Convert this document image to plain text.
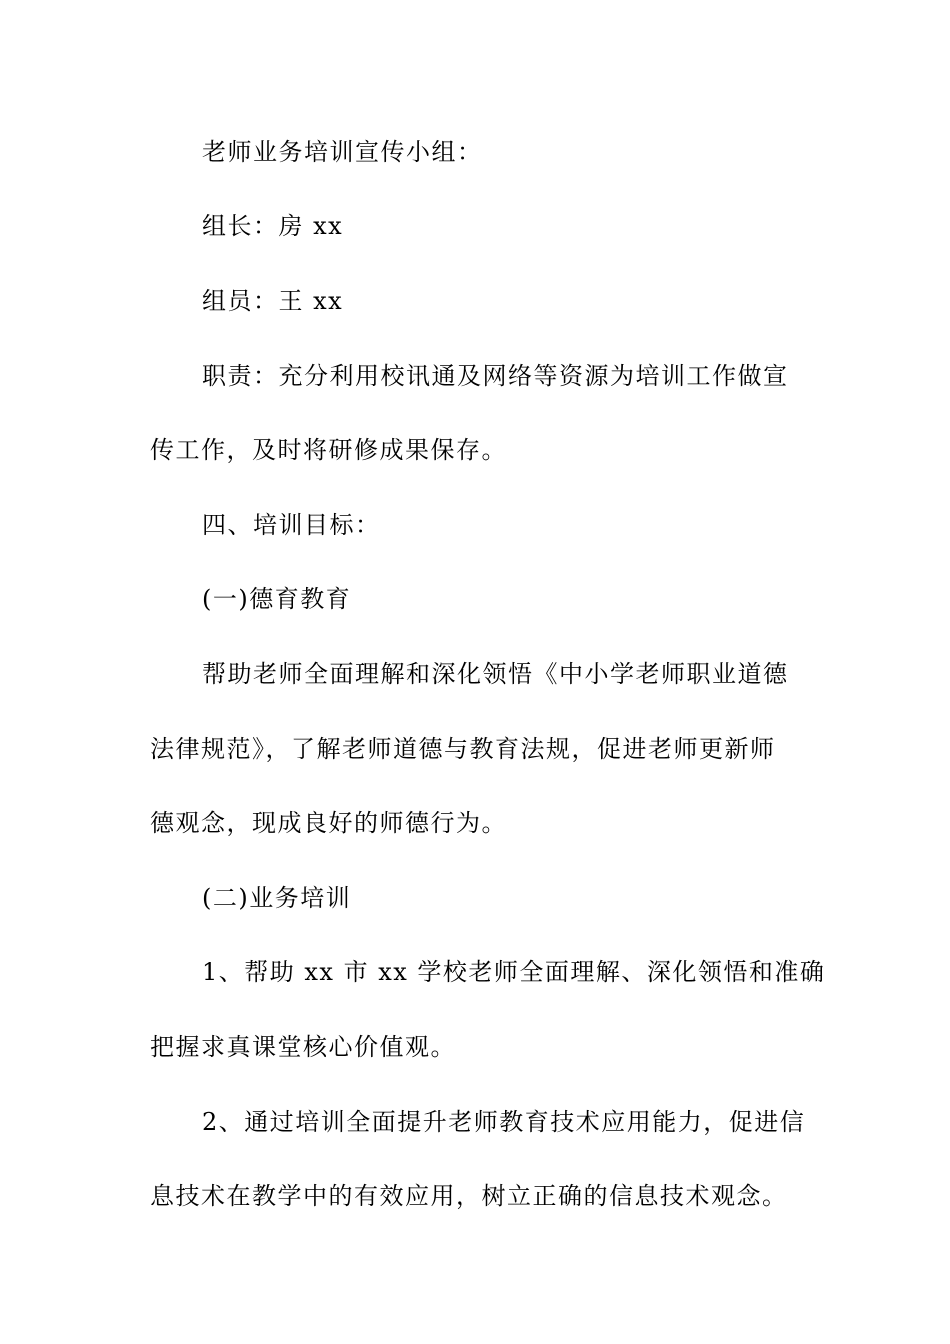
老师业务培训宣传小组：
组长：房 xx
组员：王 xx
职责：充分利用校讯通及网络等资源为培训工作做宣
传工作，及时将研修成果保存。
四、培训目标：
(一)德育教育
帮助老师全面理解和深化领悟《中小学老师职业道德
法律规范》，了解老师道德与教育法规，促进老师更新师
德观念，现成良好的师德行为。
(二)业务培训
1、帮助 xx 市 xx 学校老师全面理解、深化领悟和准确
把握求真课堂核心价值观。
2、通过培训全面提升老师教育技术应用能力，促进信
息技术在教学中的有效应用，树立正确的信息技术观念。
